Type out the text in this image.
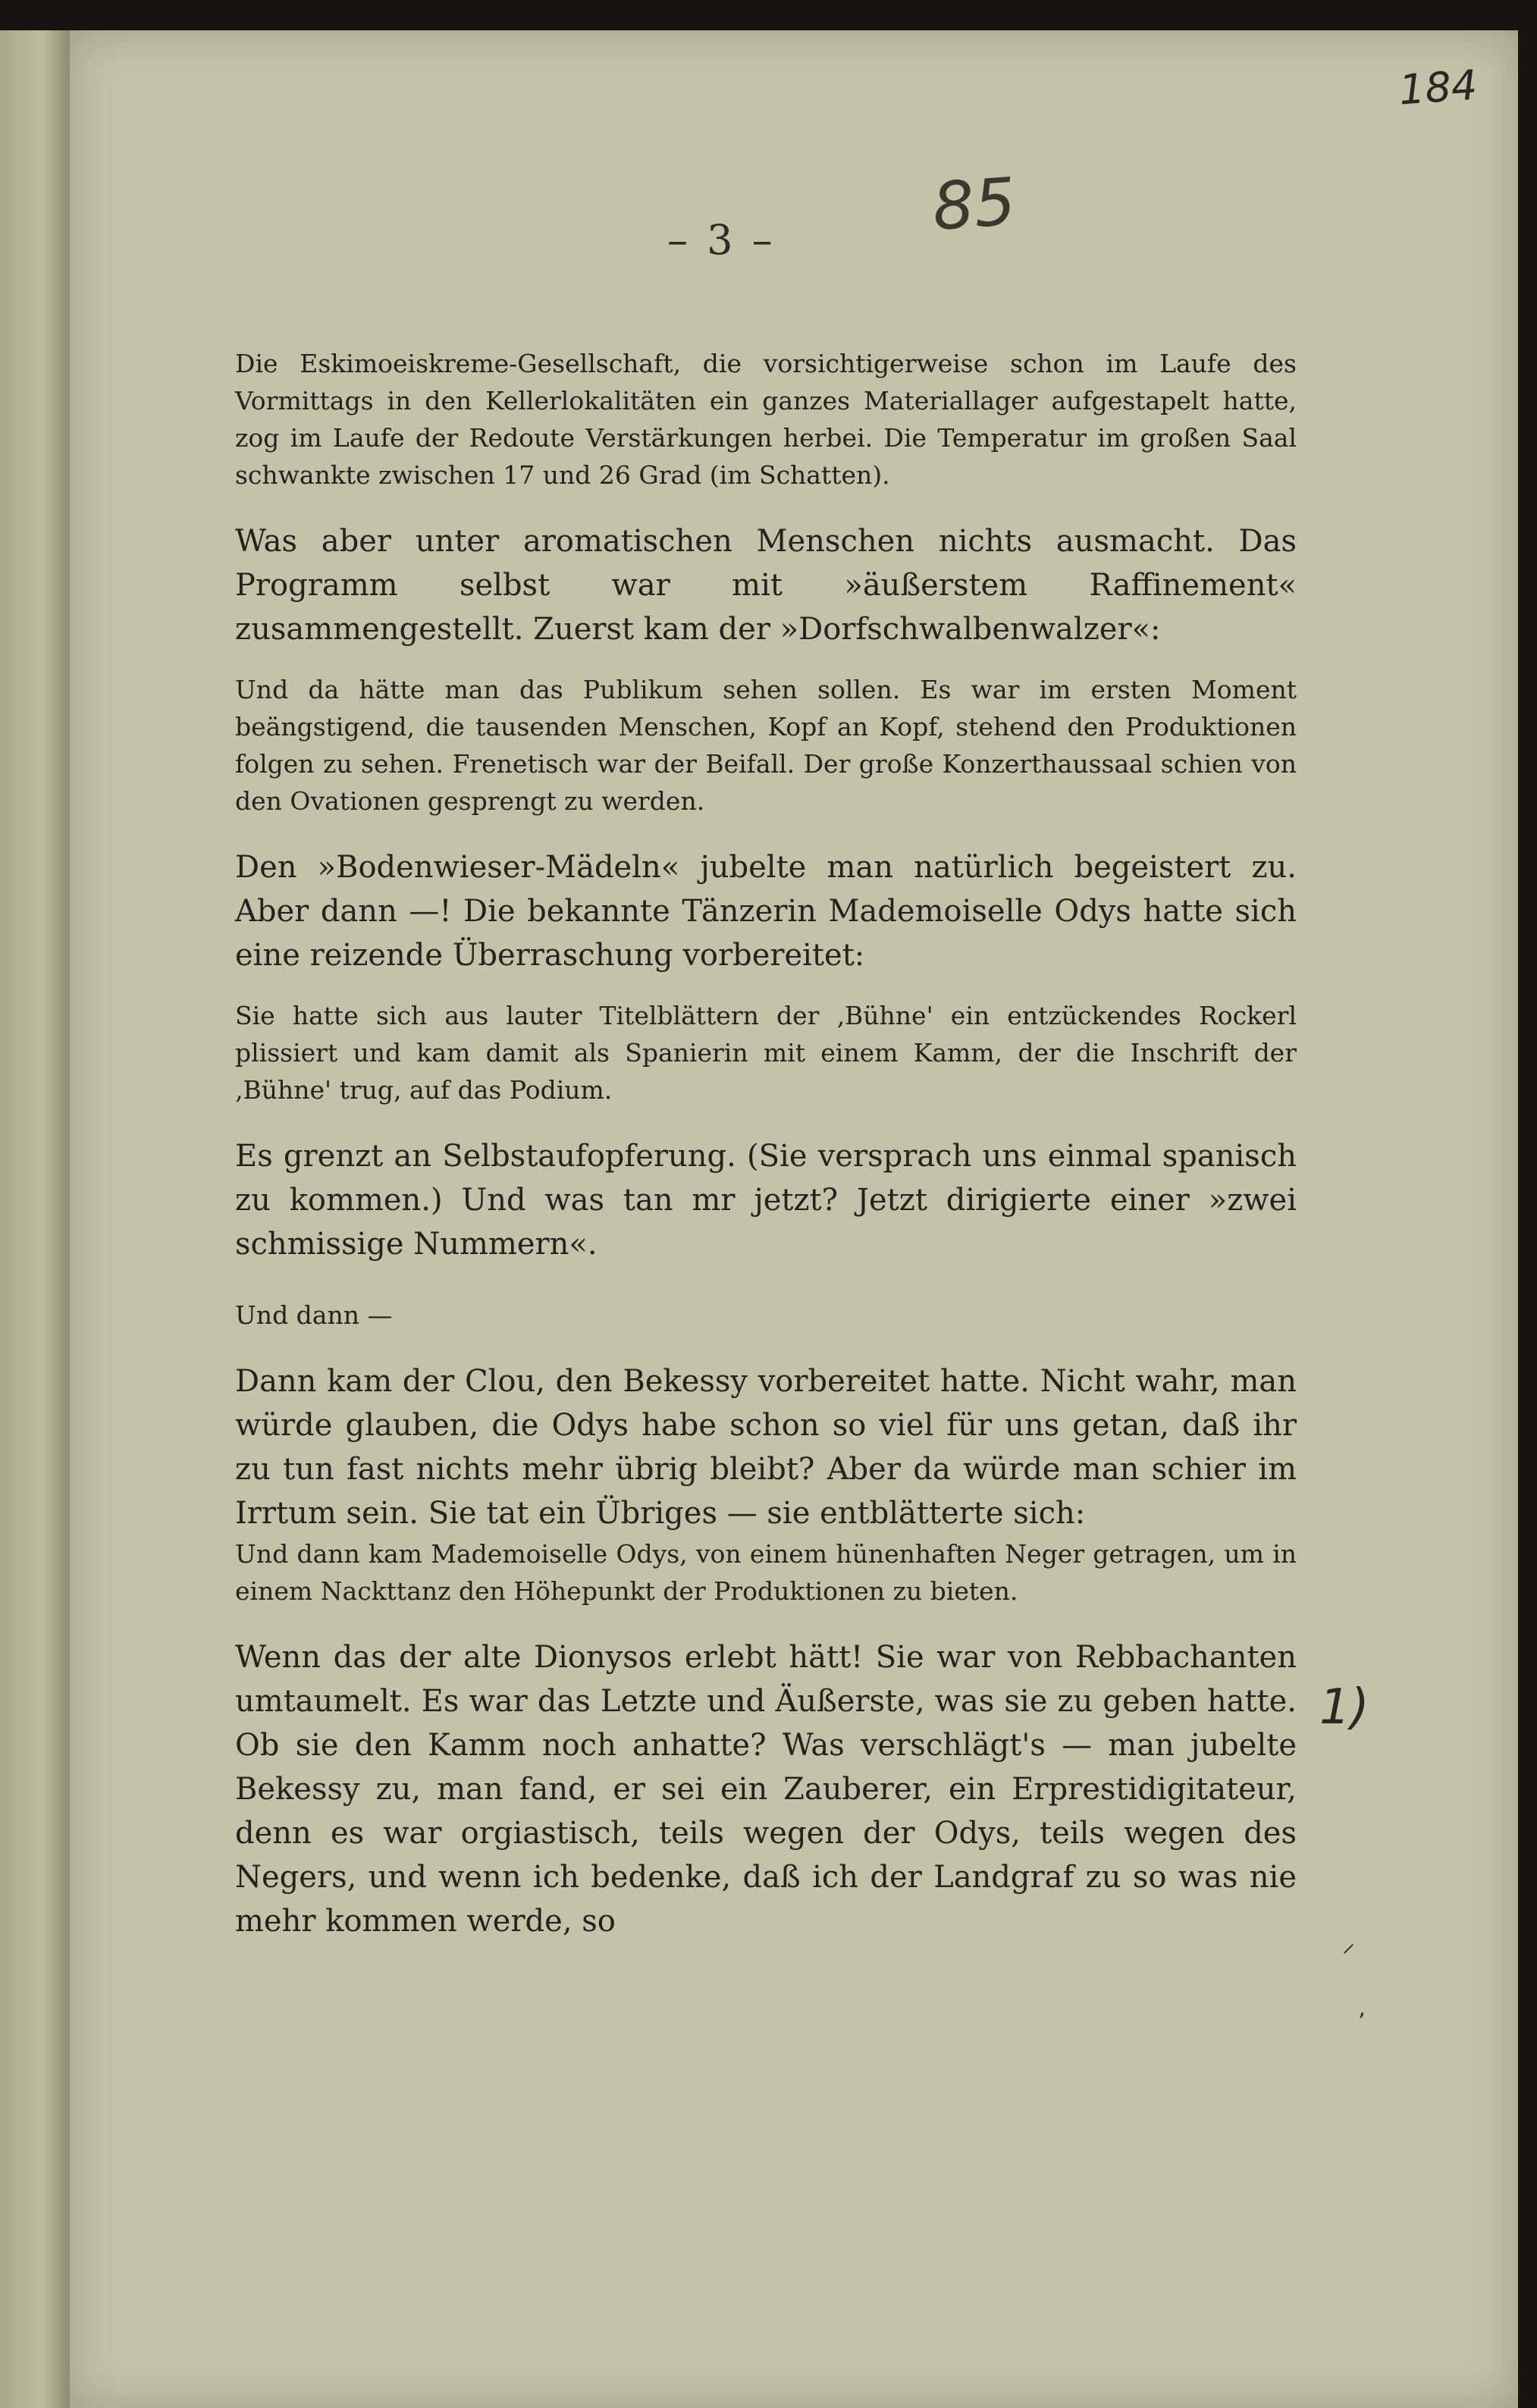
184
– 3 – 85

Die Eskimoeiskreme-Gesellschaft, die vorsichtigerweise schon im Laufe des Vormittags in den Kellerlokalitäten ein ganzes Materiallager aufgestapelt hatte, zog im Laufe der Redoute Verstärkungen herbei. Die Temperatur im großen Saal schwankte zwischen 17 und 26 Grad (im Schatten).

Was aber unter aromatischen Menschen nichts ausmacht. Das Programm selbst war mit »äußerstem Raffinement« zusammengestellt. Zuerst kam der »Dorfschwalbenwalzer«:

Und da hätte man das Publikum sehen sollen. Es war im ersten Moment beängstigend, die tausenden Menschen, Kopf an Kopf, stehend den Produktionen folgen zu sehen. Frenetisch war der Beifall. Der große Konzerthaussaal schien von den Ovationen gesprengt zu werden.

Den »Bodenwieser-Mädeln« jubelte man natürlich begeistert zu. Aber dann —! Die bekannte Tänzerin Mademoiselle Odys hatte sich eine reizende Überraschung vorbereitet:

Sie hatte sich aus lauter Titelblättern der ‚Bühne' ein entzückendes Rockerl plissiert und kam damit als Spanierin mit einem Kamm, der die Inschrift der ‚Bühne' trug, auf das Podium.

Es grenzt an Selbstaufopferung. (Sie versprach uns einmal spanisch zu kommen.) Und was tan mr jetzt? Jetzt dirigierte einer »zwei schmissige Nummern«.

Und dann —

Dann kam der Clou, den Bekessy vorbereitet hatte. Nicht wahr, man würde glauben, die Odys habe schon so viel für uns getan, daß ihr zu tun fast nichts mehr übrig bleibt? Aber da würde man schier im Irrtum sein. Sie tat ein Übriges — sie entblätterte sich:

Und dann kam Mademoiselle Odys, von einem hünenhaften Neger getragen, um in einem Nackttanz den Höhepunkt der Produktionen zu bieten.

Wenn das der alte Dionysos erlebt hätt! Sie war von Rebbachanten umtaumelt. Es war das Letzte und Äußerste, was sie zu geben hatte. Ob sie den Kamm noch anhatte? Was verschlägt's — man jubelte Bekessy zu, man fand, er sei ein Zauberer, ein Erprestidigitateur, denn es war orgiastisch, teils wegen der Odys, teils wegen des Negers, und wenn ich bedenke, daß ich der Landgraf zu so was nie mehr kommen werde, so

1)
⸝
ʼ
